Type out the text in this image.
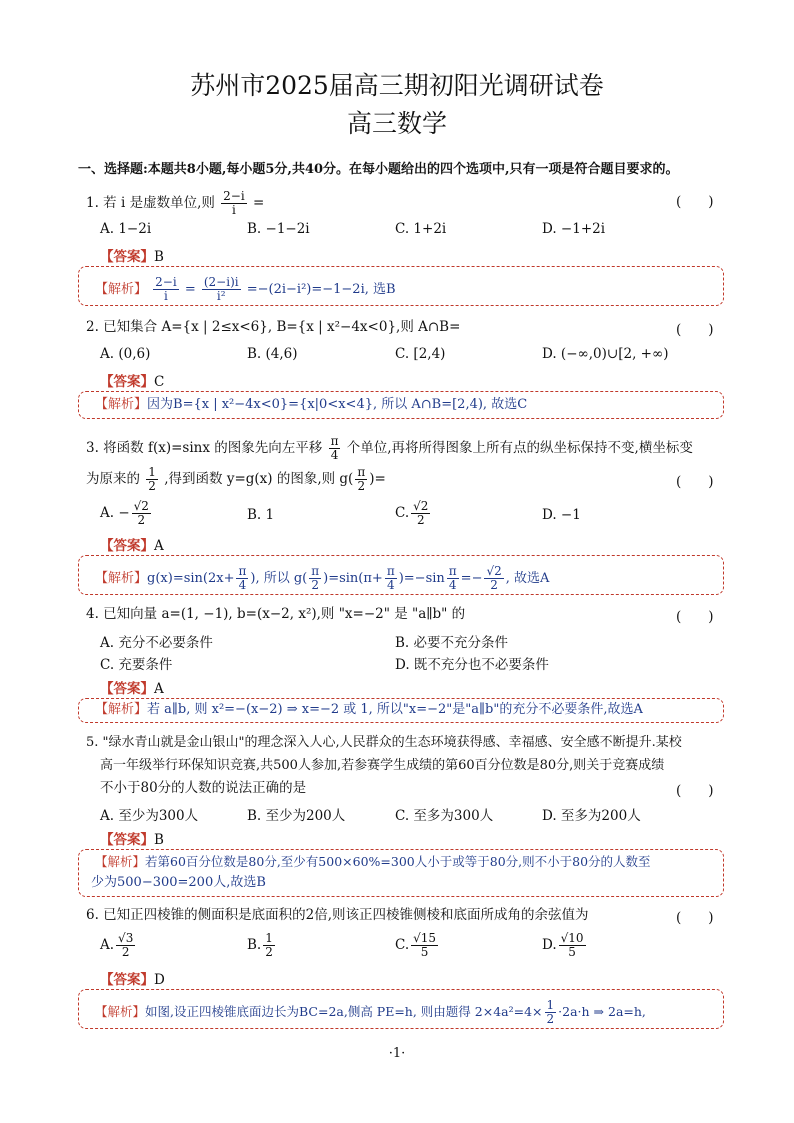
苏州市2025届高三期初阳光调研试卷
高三数学
一、选择题:本题共8小题,每小题5分,共40分。在每小题给出的四个选项中,只有一项是符合题目要求的。
1. 若 i 是虚数单位,则 $\frac{2-i}{i}$ =	(　　)
A. 1−2i	B. −1−2i	C. 1+2i	D. −1+2i
【答案】B
【解析】 $\frac{2-i}{i} = \frac{(2-i)i}{\text{i²}} =-(2i-i^2)=-1-2i$, 选B
2. 已知集合 A={x | 2≤x<6}, B={x | x²−4x<0},则 A∩B=	(　　)
A. (0,6)	B. (4,6)	C. [2,4)	D. (−∞,0)∪[2, +∞)
【答案】C
【解析】因为B={x | x²−4x<0}={x|0<x<4}, 所以 A∩B=[2,4), 故选C
3. 将函数 f(x)=sinx 的图象先向左平移 $\frac{\pi}{4}$ 个单位,再将所得图象上所有点的纵坐标保持不变,横坐标变
为原来的 $\frac{1}{2}$ ,得到函数 y=g(x) 的图象,则 $g( \frac{\pi}{2}$ )=	(　　)
A. − $\frac{√2}{2}$	B. 1	C. $\frac{√2}{2}$	D. −1
【答案】A
【解析】$g(x)=\sin(2x+ \frac{\pi}{4}$ ), 所以 $g( \frac{\pi}{2} )=\sin(\pi+ \frac{\pi}{4} )=-\sin \frac{\pi}{4} =- \frac{√2}{2}$ , 故选A
4. 已知向量 a=(1, −1), b=(x−2, x²),则 "x=−2" 是 "a∥b" 的	(　　)
A. 充分不必要条件	B. 必要不充分条件
C. 充要条件	D. 既不充分也不必要条件
【答案】A
【解析】若 a∥b, 则 x²=−(x−2) ⇒ x=−2 或 1, 所以"x=−2"是"a∥b"的充分不必要条件,故选A
5. "绿水青山就是金山银山"的理念深入人心,人民群众的生态环境获得感、幸福感、安全感不断提升.某校
高一年级举行环保知识竞赛,共500人参加,若参赛学生成绩的第60百分位数是80分,则关于竞赛成绩
不小于80分的人数的说法正确的是	(　　)
A. 至少为300人	B. 至少为200人	C. 至多为300人	D. 至多为200人
【答案】B
【解析】若第60百分位数是80分,至少有500×60%=300人小于或等于80分,则不小于80分的人数至
少为500−300=200人,故选B
6. 已知正四棱锥的侧面积是底面积的2倍,则该正四棱锥侧棱和底面所成角的余弦值为	(　　)
A. $\frac{√3}{2}$	B. $\frac{1}{2}$	C. $\frac{√15}{5}$	D. $\frac{√10}{5}$
【答案】D
【解析】如图,设正四棱锥底面边长为BC=2a,侧高 PE=h, 则由题得 $2\times 4a^2=4\times \frac{1}{2} \cdot 2a\cdot h$ ⇒ 2a=h,
·1·
